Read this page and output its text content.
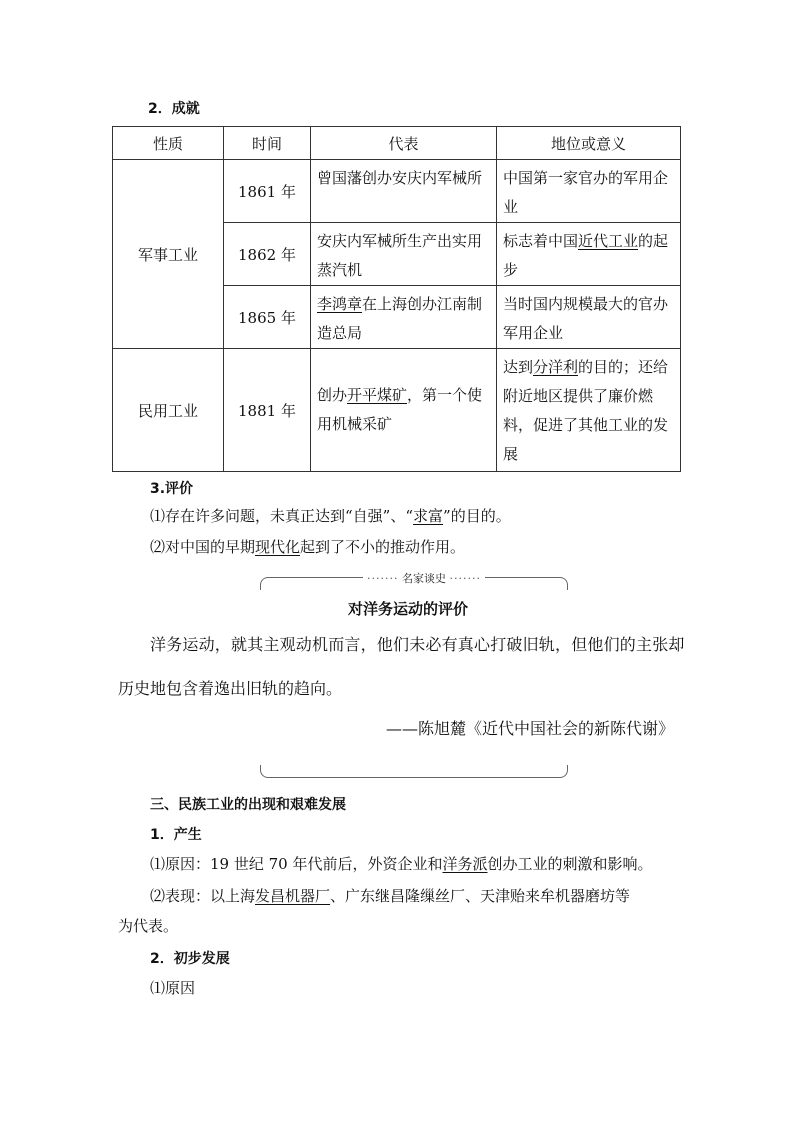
2．成就
性质	时间	代表	地位或意义
军事工业	1861 年	曾国藩创办安庆内军械所	中国第一家官办的军用企业
	1862 年	安庆内军械所生产出实用蒸汽机	标志着中国近代工业的起步
	1865 年	李鸿章在上海创办江南制造总局	当时国内规模最大的官办军用企业
民用工业	1881 年	创办开平煤矿，第一个使用机械采矿	达到分洋利的目的；还给附近地区提供了廉价燃料，促进了其他工业的发展
3.评价
⑴存在许多问题，未真正达到“自强”、“求富”的目的。
⑵对中国的早期现代化起到了不小的推动作用。
······· 名家谈史 ·······
对洋务运动的评价
洋务运动，就其主观动机而言，他们未必有真心打破旧轨，但他们的主张却
历史地包含着逸出旧轨的趋向。
——陈旭麓《近代中国社会的新陈代谢》
三、民族工业的出现和艰难发展
1．产生
⑴原因：19 世纪 70 年代前后，外资企业和洋务派创办工业的刺激和影响。
⑵表现：以上海发昌机器厂、广东继昌隆缫丝厂、天津贻来牟机器磨坊等
为代表。
2．初步发展
⑴原因
